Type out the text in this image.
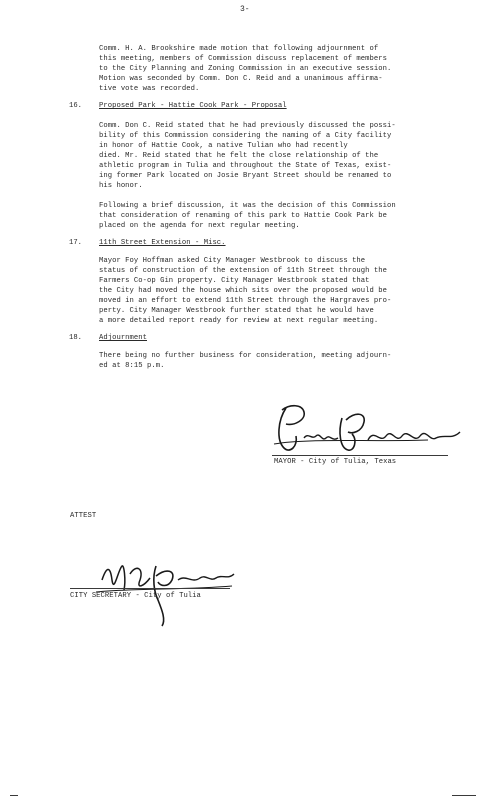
3-
Comm. H. A. Brookshire made motion that following adjournment of
this meeting, members of Commission discuss replacement of members
to the City Planning and Zoning Commission in an executive session.
Motion was seconded by Comm. Don C. Reid and a unanimous affirma-
tive vote was recorded.
16. Proposed Park - Hattie Cook Park - Proposal
Comm. Don C. Reid stated that he had previously discussed the possi-
bility of this Commission considering the naming of a City facility
in honor of Hattie Cook, a native Tulian who had recently
died. Mr. Reid stated that he felt the close relationship of the
athletic program in Tulia and throughout the State of Texas, exist-
ing former Park located on Josie Bryant Street should be renamed to
his honor.
Following a brief discussion, it was the decision of this Commission
that consideration of renaming of this park to Hattie Cook Park be
placed on the agenda for next regular meeting.
17. 11th Street Extension - Misc.
Mayor Foy Hoffman asked City Manager Westbrook to discuss the
status of construction of the extension of 11th Street through the
Farmers Co-op Gin property. City Manager Westbrook stated that
the City had moved the house which sits over the proposed would be
moved in an effort to extend 11th Street through the Hargraves pro-
perty. City Manager Westbrook further stated that he would have
a more detailed report ready for review at next regular meeting.
18. Adjournment
There being no further business for consideration, meeting adjourn-
ed at 8:15 p.m.
MAYOR - City of Tulia, Texas
ATTEST
CITY SECRETARY - City of Tulia
